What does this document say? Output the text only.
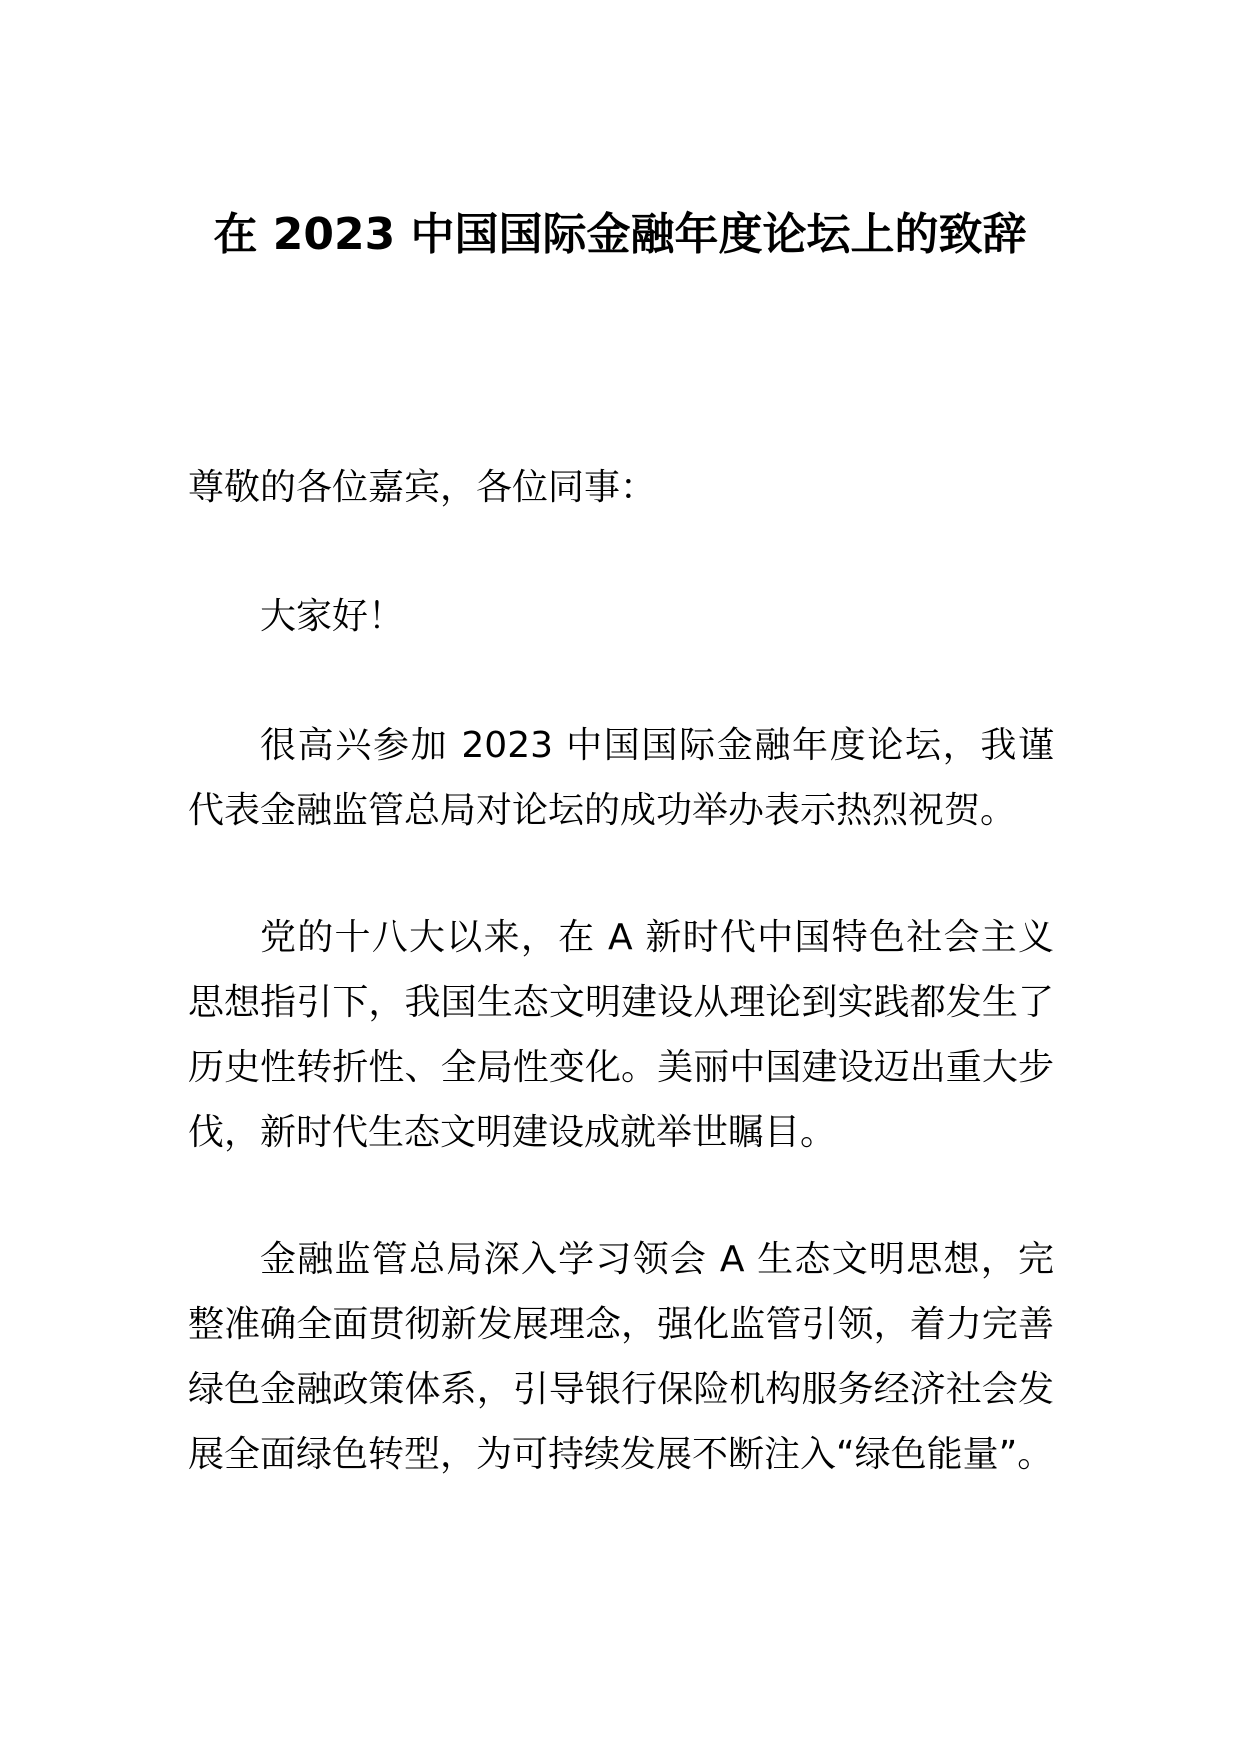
在 2023 中国国际金融年度论坛上的致辞

尊敬的各位嘉宾，各位同事：

大家好！

很高兴参加 2023 中国国际金融年度论坛，我谨代表金融监管总局对论坛的成功举办表示热烈祝贺。

党的十八大以来，在 A 新时代中国特色社会主义思想指引下，我国生态文明建设从理论到实践都发生了历史性转折性、全局性变化。美丽中国建设迈出重大步伐，新时代生态文明建设成就举世瞩目。

金融监管总局深入学习领会 A 生态文明思想，完整准确全面贯彻新发展理念，强化监管引领，着力完善绿色金融政策体系，引导银行保险机构服务经济社会发展全面绿色转型，为可持续发展不断注入“绿色能量”。
